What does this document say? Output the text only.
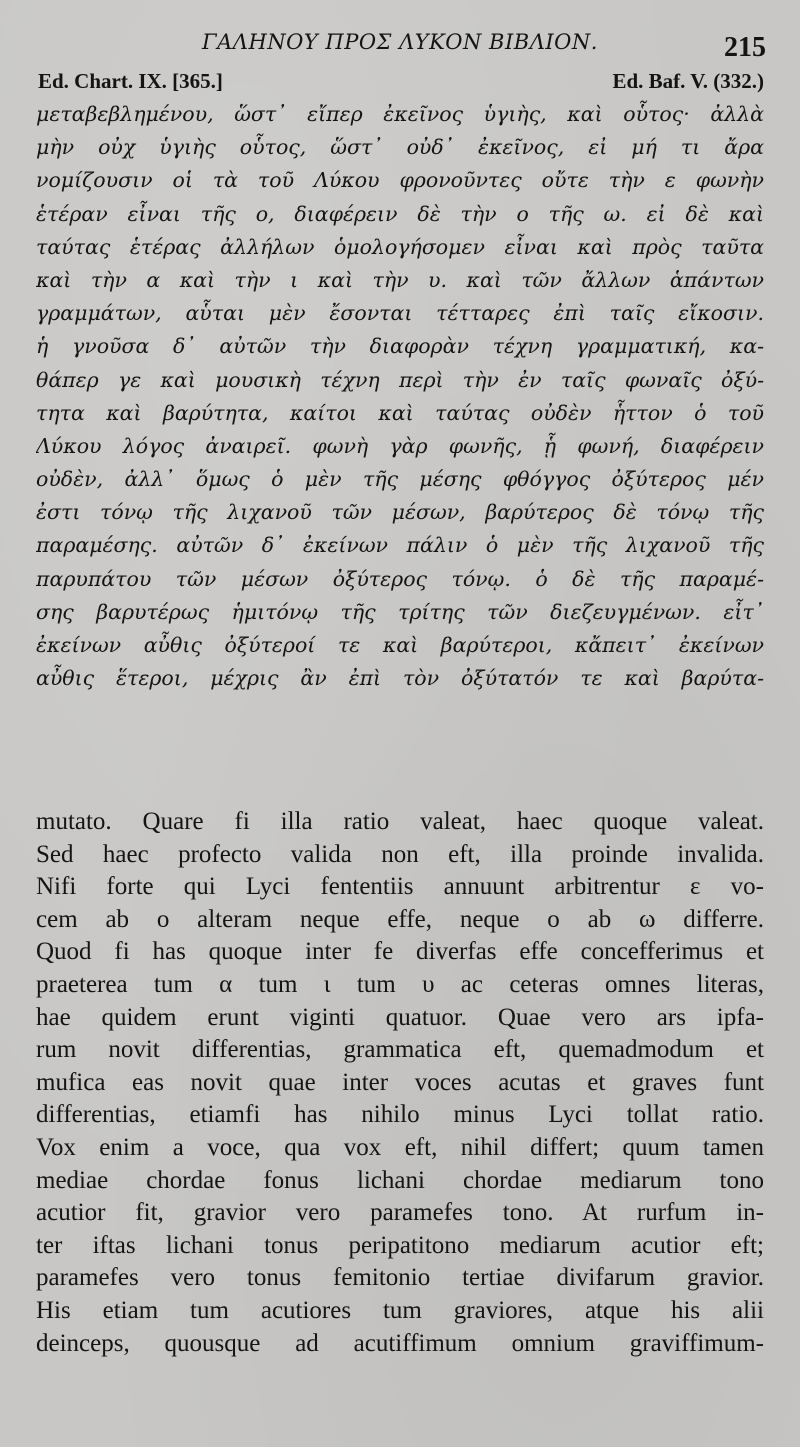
ΓΑΛΗΝΟΥ ΠΡΟΣ ΛΥΚΟΝ ΒΙΒΛΙΟΝ.	215
Ed. Chart. IX. [365.]	Ed. Baf. V. (332.)
μεταβεβλημένου, ὥστ᾽ εἴπερ ἐκεῖνος ὑγιὴς, καὶ οὗτος· ἀλλὰ
μὴν οὐχ ὑγιὴς οὗτος, ὥστ᾽ οὐδ᾽ ἐκεῖνος, εἰ μή τι ἄρα
νομίζουσιν οἱ τὰ τοῦ Λύκου φρονοῦντες οὔτε τὴν ε φωνὴν
ἑτέραν εἶναι τῆς ο, διαφέρειν δὲ τὴν ο τῆς ω. εἰ δὲ καὶ
ταύτας ἑτέρας ἀλλήλων ὁμολογήσομεν εἶναι καὶ πρὸς ταῦτα
καὶ τὴν α καὶ τὴν ι καὶ τὴν υ. καὶ τῶν ἄλλων ἁπάντων
γραμμάτων, αὗται μὲν ἔσονται τέτταρες ἐπὶ ταῖς εἴκοσιν.
ἡ γνοῦσα δ᾽ αὐτῶν τὴν διαφορὰν τέχνη γραμματική, κα-
θάπερ γε καὶ μουσικὴ τέχνη περὶ τὴν ἐν ταῖς φωναῖς ὀξύ-
τητα καὶ βαρύτητα, καίτοι καὶ ταύτας οὐδὲν ἧττον ὁ τοῦ
Λύκου λόγος ἀναιρεῖ. φωνὴ γὰρ φωνῆς, ᾗ φωνή, διαφέρειν
οὐδὲν, ἀλλ᾽ ὅμως ὁ μὲν τῆς μέσης φθόγγος ὀξύτερος μέν
ἐστι τόνῳ τῆς λιχανοῦ τῶν μέσων, βαρύτερος δὲ τόνῳ τῆς
παραμέσης. αὐτῶν δ᾽ ἐκείνων πάλιν ὁ μὲν τῆς λιχανοῦ τῆς
παρυπάτου τῶν μέσων ὀξύτερος τόνῳ. ὁ δὲ τῆς παραμέ-
σης βαρυτέρως ἡμιτόνῳ τῆς τρίτης τῶν διεζευγμένων. εἶτ᾽
ἐκείνων αὖθις ὀξύτεροί τε καὶ βαρύτεροι, κἄπειτ᾽ ἐκείνων
αὖθις ἕτεροι, μέχρις ἂν ἐπὶ τὸν ὀξύτατόν τε καὶ βαρύτα-
mutato. Quare fi illa ratio valeat, haec quoque valeat.
Sed haec profecto valida non eft, illa proinde invalida.
Nifi forte qui Lyci fententiis annuunt arbitrentur ε vo-
cem ab ο alteram neque effe, neque ο ab ω differre.
Quod fi has quoque inter fe diverfas effe concefferimus et
praeterea tum α tum ι tum υ ac ceteras omnes literas,
hae quidem erunt viginti quatuor. Quae vero ars ipfa-
rum novit differentias, grammatica eft, quemadmodum et
mufica eas novit quae inter voces acutas et graves funt
differentias, etiamfi has nihilo minus Lyci tollat ratio.
Vox enim a voce, qua vox eft, nihil differt; quum tamen
mediae chordae fonus lichani chordae mediarum tono
acutior fit, gravior vero paramefes tono. At rurfum in-
ter iftas lichani tonus peripatitono mediarum acutior eft;
paramefes vero tonus femitonio tertiae divifarum gravior.
His etiam tum acutiores tum graviores, atque his alii
deinceps, quousque ad acutiffimum omnium graviffimum-
